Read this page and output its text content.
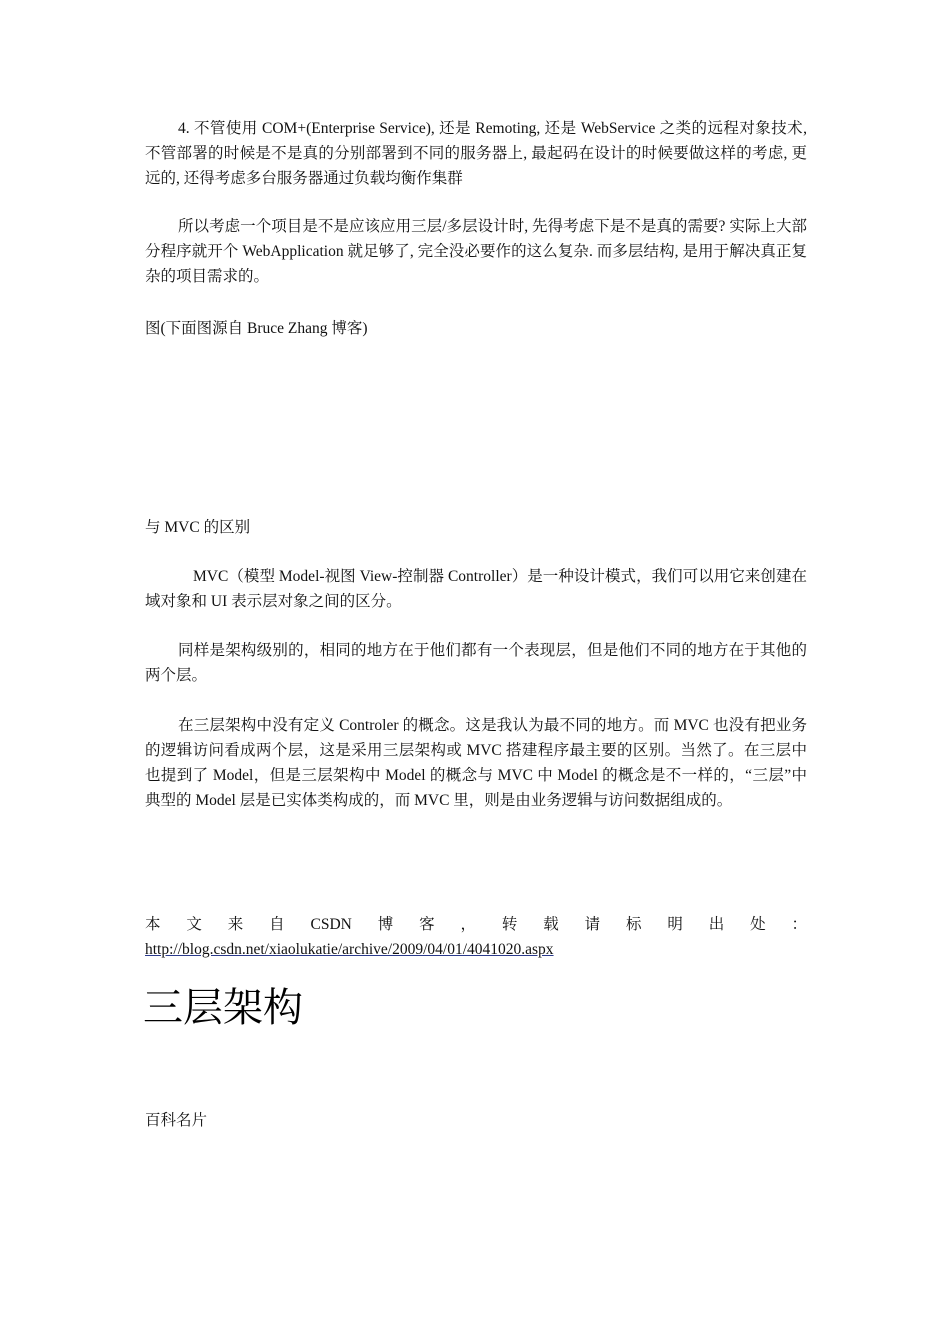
4. 不管使用 COM+(Enterprise Service), 还是 Remoting, 还是 WebService 之类的远程对象技术, 不管部署的时候是不是真的分别部署到不同的服务器上, 最起码在设计的时候要做这样的考虑, 更远的, 还得考虑多台服务器通过负载均衡作集群

所以考虑一个项目是不是应该应用三层/多层设计时, 先得考虑下是不是真的需要? 实际上大部分程序就开个 WebApplication 就足够了, 完全没必要作的这么复杂. 而多层结构, 是用于解决真正复杂的项目需求的。

图(下面图源自 Bruce Zhang 博客)

与 MVC 的区别

MVC（模型 Model-视图 View-控制器 Controller）是一种设计模式，我们可以用它来创建在域对象和 UI 表示层对象之间的区分。

同样是架构级别的，相同的地方在于他们都有一个表现层，但是他们不同的地方在于其他的两个层。

在三层架构中没有定义 Controler 的概念。这是我认为最不同的地方。而 MVC 也没有把业务的逻辑访问看成两个层，这是采用三层架构或 MVC 搭建程序最主要的区别。当然了。在三层中也提到了 Model，但是三层架构中 Model 的概念与 MVC 中 Model 的概念是不一样的，“三层”中典型的 Model 层是已实体类构成的，而 MVC 里，则是由业务逻辑与访问数据组成的。

本 文 来 自 CSDN 博 客 ， 转 载 请 标 明 出 处 ：
http://blog.csdn.net/xiaolukatie/archive/2009/04/01/4041020.aspx
三层架构

百科名片
